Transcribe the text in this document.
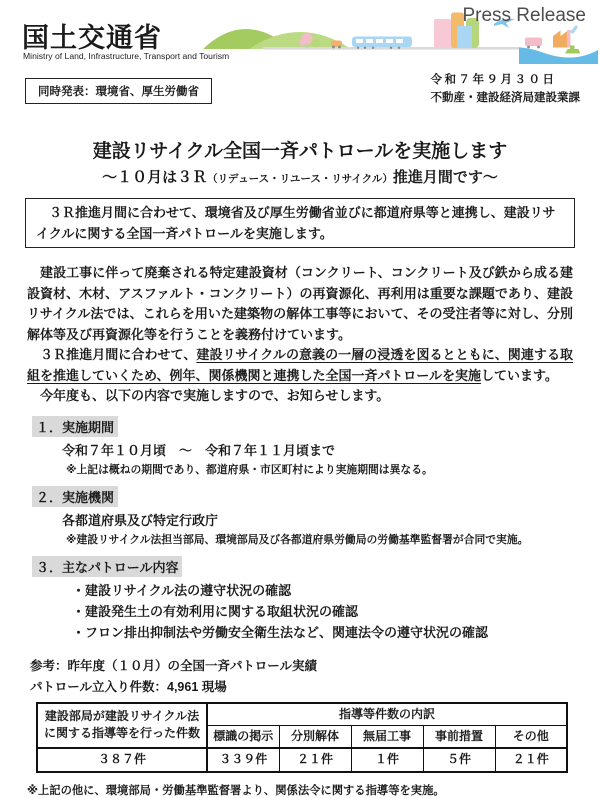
Press Release
国土交通省
Ministry of Land, Infrastructure, Transport and Tourism
同時発表：環境省、厚生労働省
令和７年９月３０日
不動産・建設経済局建設業課
建設リサイクル全国一斉パトロールを実施します
～１０月は３Ｒ（リデュース・リユース・リサイクル）推進月間です～
　３Ｒ推進月間に合わせて、環境省及び厚生労働省並びに都道府県等と連携し、建設リサイクルに関する全国一斉パトロールを実施します。

　建設工事に伴って廃棄される特定建設資材（コンクリート、コンクリート及び鉄から成る建設資材、木材、アスファルト・コンクリート）の再資源化、再利用は重要な課題であり、建設リサイクル法では、これらを用いた建築物の解体工事等において、その受注者等に対し、分別解体等及び再資源化等を行うことを義務付けています。

　３Ｒ推進月間に合わせて、建設リサイクルの意義の一層の浸透を図るとともに、関連する取組を推進していくため、例年、関係機関と連携した全国一斉パトロールを実施しています。

　今年度も、以下の内容で実施しますので、お知らせします。

１．実施期間
令和７年１０月頃　～　令和７年１１月頃まで
※上記は概ねの期間であり、都道府県・市区町村により実施期間は異なる。
２．実施機関
各都道府県及び特定行政庁
※建設リサイクル法担当部局、環境部局及び各都道府県労働局の労働基準監督署が合同で実施。
３．主なパトロール内容
・建設リサイクル法の遵守状況の確認
・建設発生土の有効利用に関する取組状況の確認
・フロン排出抑制法や労働安全衛生法など、関連法令の遵守状況の確認
参考：昨年度（１０月）の全国一斉パトロール実績
パトロール立入り件数：4,961 現場
建設部局が建設リサイクル法に関する指導等を行った件数	指導等件数の内訳				
	標識の掲示	分別解体	無届工事	事前措置	その他
３８７件	３３９件	２１件	１件	５件	２１件
※上記の他に、環境部局・労働基準監督署より、関係法令に関する指導等を実施。
